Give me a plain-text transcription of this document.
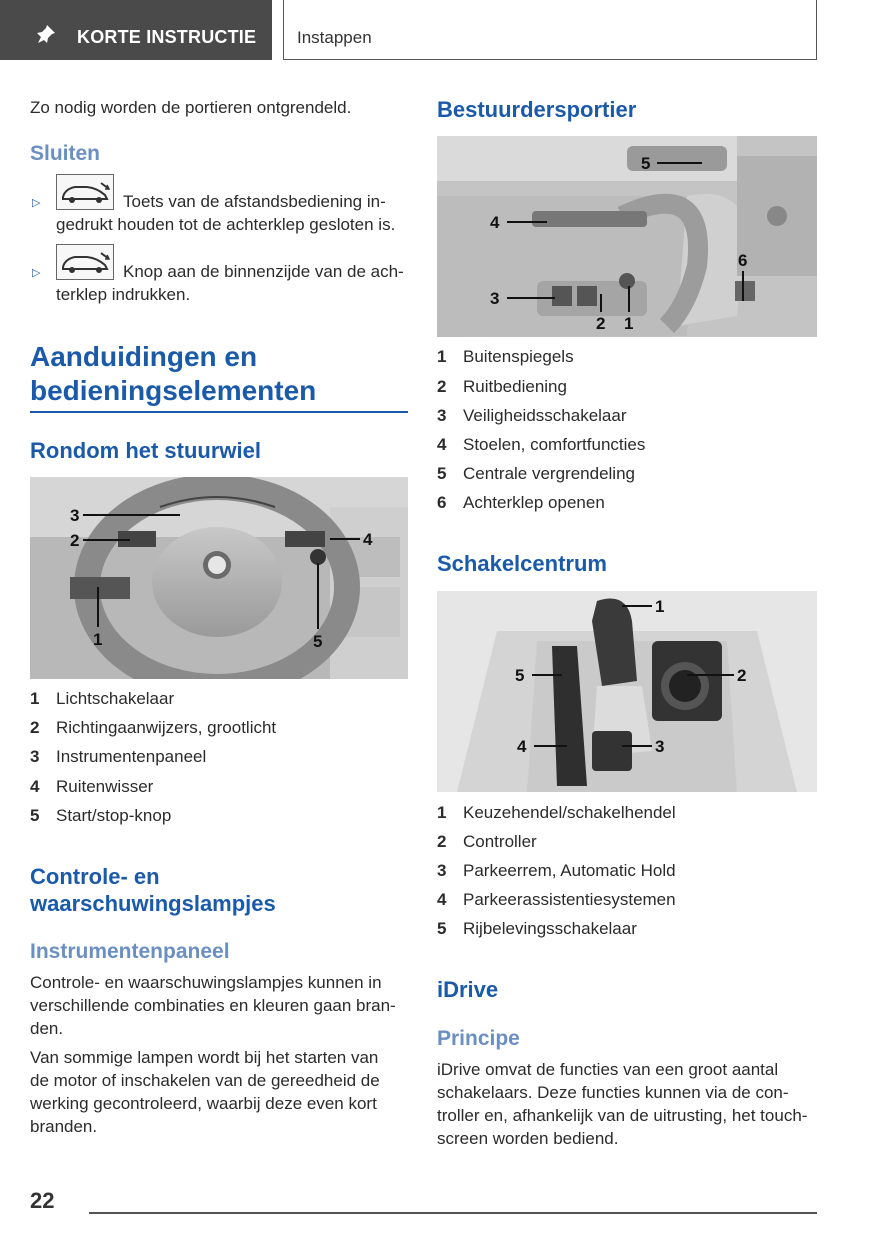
KORTE INSTRUCTIE Instappen
Zo nodig worden de portieren ontgrendeld.
Sluiten
▷	Toets van de afstandsbediening in-
gedrukt houden tot de achterklep gesloten is.
▷	Knop aan de binnenzijde van de ach-
terklep indrukken.
Aanduidingen en
bedieningselementen
Rondom het stuurwiel
3
2	4
1	5
1 Lichtschakelaar
2 Richtingaanwijzers, grootlicht
3 Instrumentenpaneel
4 Ruitenwisser
5 Start/stop-knop
Controle- en
waarschuwingslampjes
Instrumentenpaneel
Controle- en waarschuwingslampjes kunnen in
verschillende combinaties en kleuren gaan bran-
den.
Van sommige lampen wordt bij het starten van
de motor of inschakelen van de gereedheid de
werking gecontroleerd, waarbij deze even kort
branden.
Bestuurdersportier
5
4
6
3
2 1
1 Buitenspiegels
2 Ruitbediening
3 Veiligheidsschakelaar
4 Stoelen, comfortfuncties
5 Centrale vergrendeling
6 Achterklep openen
Schakelcentrum
1
2
5
4	3
1 Keuzehendel/schakelhendel
2 Controller
3 Parkeerrem, Automatic Hold
4 Parkeerassistentiesystemen
5 Rijbelevingsschakelaar
iDrive
Principe
iDrive omvat de functies van een groot aantal
schakelaars. Deze functies kunnen via de con-
troller en, afhankelijk van de uitrusting, het touch-
screen worden bediend.
22
